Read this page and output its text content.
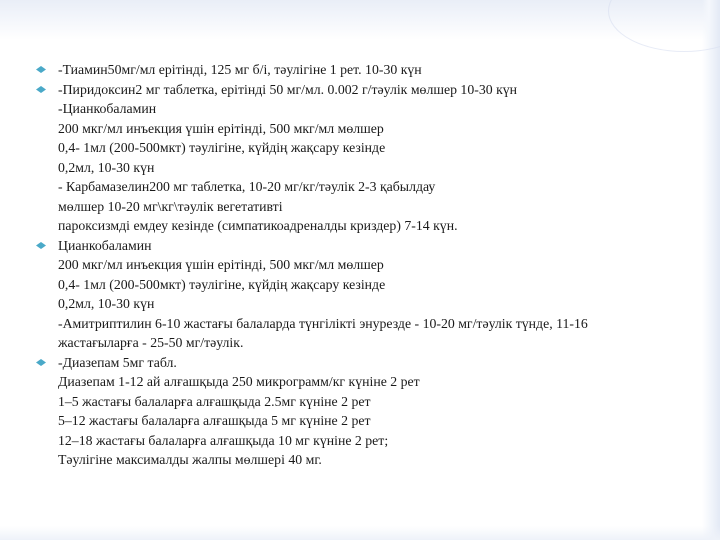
-Тиамин50мг/мл ерітінді, 125 мг б/і, тәулігіне 1 рет. 10-30 күн
-Пиридоксин2 мг таблетка, ерітінді 50 мг/мл. 0.002 г/тәулік мөлшер 10-30 күн
-Цианкобаламин
200 мкг/мл инъекция үшін ерітінді, 500 мкг/мл мөлшер
0,4- 1мл (200-500мкт) тәулігіне, күйдің жақсару кезінде
0,2мл, 10-30 күн
- Карбамазелин200 мг таблетка, 10-20 мг/кг/тәулік 2-3 қабылдау
мөлшер 10-20 мг\кг\тәулік вегетативті
пароксизмді емдеу кезінде (симпатикоадреналды криздер) 7-14 күн.
Цианкобаламин
200 мкг/мл инъекция үшін ерітінді, 500 мкг/мл мөлшер
0,4- 1мл (200-500мкт) тәулігіне, күйдің жақсару кезінде
0,2мл, 10-30 күн
-Амитриптилин 6-10 жастағы балаларда түнгілікті энурезде - 10-20 мг/тәулік түнде, 11-16
жастағыларға - 25-50 мг/тәулік.
-Диазепам 5мг табл.
Диазепам 1-12 ай алғашқыда 250 микрограмм/кг күніне 2 рет
1–5 жастағы балаларға алғашқыда 2.5мг күніне 2 рет
5–12 жастағы балаларға алғашқыда 5 мг күніне 2 рет
12–18 жастағы балаларға алғашқыда 10 мг күніне 2 рет;
Тәулігіне максималды жалпы мөлшері 40 мг.
